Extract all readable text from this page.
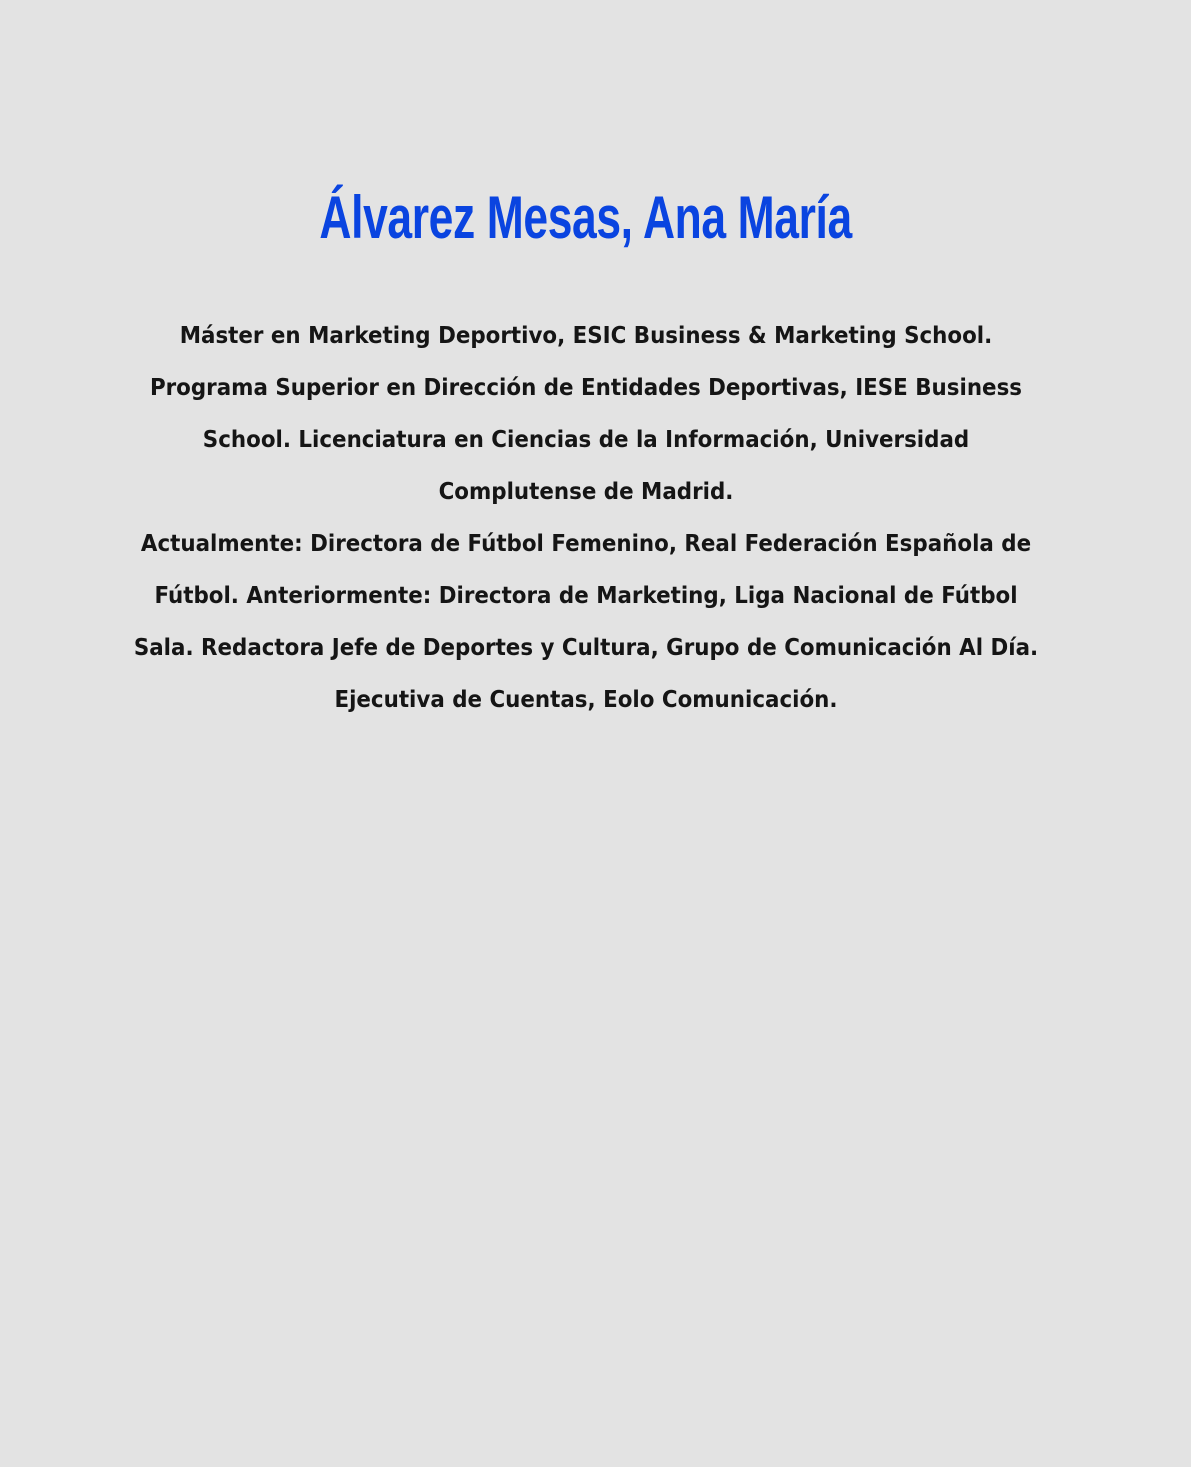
Álvarez Mesas, Ana María

Máster en Marketing Deportivo, ESIC Business & Marketing School.
Programa Superior en Dirección de Entidades Deportivas, IESE Business
School. Licenciatura en Ciencias de la Información, Universidad
Complutense de Madrid.

Actualmente: Directora de Fútbol Femenino, Real Federación Española de
Fútbol. Anteriormente: Directora de Marketing, Liga Nacional de Fútbol
Sala. Redactora Jefe de Deportes y Cultura, Grupo de Comunicación Al Día.
Ejecutiva de Cuentas, Eolo Comunicación.
